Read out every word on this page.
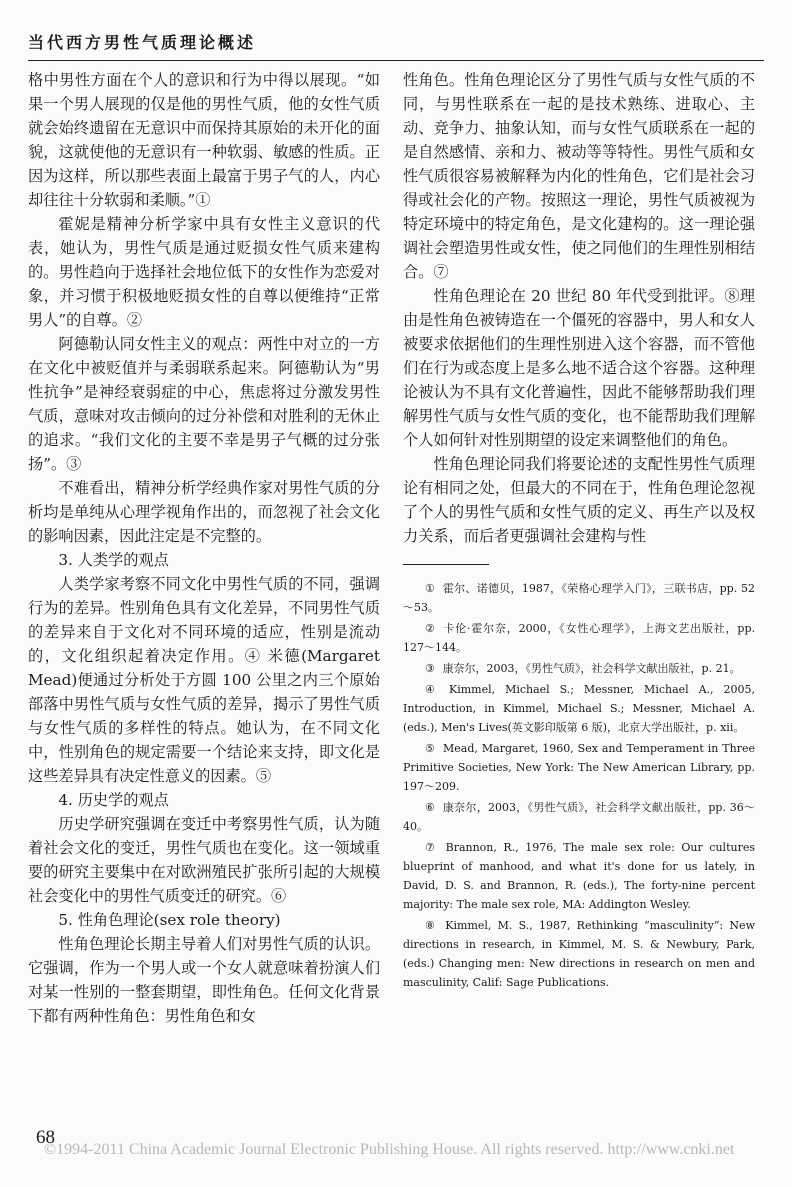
当代西方男性气质理论概述

格中男性方面在个人的意识和行为中得以展现。“如果一个男人展现的仅是他的男性气质，他的女性气质就会始终遗留在无意识中而保持其原始的未开化的面貌，这就使他的无意识有一种软弱、敏感的性质。正因为这样，所以那些表面上最富于男子气的人，内心却往往十分软弱和柔顺。”①

霍妮是精神分析学家中具有女性主义意识的代表，她认为，男性气质是通过贬损女性气质来建构的。男性趋向于选择社会地位低下的女性作为恋爱对象，并习惯于积极地贬损女性的自尊以便维持“正常男人”的自尊。②

阿德勒认同女性主义的观点：两性中对立的一方在文化中被贬值并与柔弱联系起来。阿德勒认为“男性抗争”是神经衰弱症的中心，焦虑将过分激发男性气质，意味对攻击倾向的过分补偿和对胜利的无休止的追求。“我们文化的主要不幸是男子气概的过分张扬”。③

不难看出，精神分析学经典作家对男性气质的分析均是单纯从心理学视角作出的，而忽视了社会文化的影响因素，因此注定是不完整的。

3. 人类学的观点

人类学家考察不同文化中男性气质的不同，强调行为的差异。性别角色具有文化差异，不同男性气质的差异来自于文化对不同环境的适应，性别是流动的，文化组织起着决定作用。④ 米德(Margaret Mead)便通过分析处于方圆 100 公里之内三个原始部落中男性气质与女性气质的差异，揭示了男性气质与女性气质的多样性的特点。她认为，在不同文化中，性别角色的规定需要一个结论来支持，即文化是这些差异具有决定性意义的因素。⑤

4. 历史学的观点

历史学研究强调在变迁中考察男性气质，认为随着社会文化的变迁，男性气质也在变化。这一领域重要的研究主要集中在对欧洲殖民扩张所引起的大规模社会变化中的男性气质变迁的研究。⑥

5. 性角色理论(sex role theory)

性角色理论长期主导着人们对男性气质的认识。它强调，作为一个男人或一个女人就意味着扮演人们对某一性别的一整套期望，即性角色。任何文化背景下都有两种性角色：男性角色和女

性角色。性角色理论区分了男性气质与女性气质的不同，与男性联系在一起的是技术熟练、进取心、主动、竞争力、抽象认知，而与女性气质联系在一起的是自然感情、亲和力、被动等等特性。男性气质和女性气质很容易被解释为内化的性角色，它们是社会习得或社会化的产物。按照这一理论，男性气质被视为特定环境中的特定角色，是文化建构的。这一理论强调社会塑造男性或女性，使之同他们的生理性别相结合。⑦

性角色理论在 20 世纪 80 年代受到批评。⑧理由是性角色被铸造在一个僵死的容器中，男人和女人被要求依据他们的生理性别进入这个容器，而不管他们在行为或态度上是多么地不适合这个容器。这种理论被认为不具有文化普遍性，因此不能够帮助我们理解男性气质与女性气质的变化，也不能帮助我们理解个人如何针对性别期望的设定来调整他们的角色。

性角色理论同我们将要论述的支配性男性气质理论有相同之处，但最大的不同在于，性角色理论忽视了个人的男性气质和女性气质的定义、再生产以及权力关系，而后者更强调社会建构与性

① 霍尔、诺德贝，1987，《荣格心理学入门》，三联书店，pp. 52～53。

② 卡伦·霍尔奈，2000，《女性心理学》，上海文艺出版社，pp. 127～144。

③ 康奈尔，2003，《男性气质》，社会科学文献出版社，p. 21。

④ Kimmel, Michael S.; Messner, Michael A., 2005, Introduction, in Kimmel, Michael S.; Messner, Michael A. (eds.), Men's Lives(英文影印版第 6 版)，北京大学出版社，p. xii。

⑤ Mead, Margaret, 1960, Sex and Temperament in Three Primitive Societies, New York: The New American Library, pp. 197～209.

⑥ 康奈尔，2003，《男性气质》，社会科学文献出版社，pp. 36～40。

⑦ Brannon, R., 1976, The male sex role: Our cultures blueprint of manhood, and what it's done for us lately, in David, D. S. and Brannon, R. (eds.), The forty-nine percent majority: The male sex role, MA: Addington Wesley.

⑧ Kimmel, M. S., 1987, Rethinking “masculinity”: New directions in research, in Kimmel, M. S. & Newbury, Park, (eds.) Changing men: New directions in research on men and masculinity, Calif: Sage Publications.

68
©1994-2011 China Academic Journal Electronic Publishing House. All rights reserved. http://www.cnki.net
